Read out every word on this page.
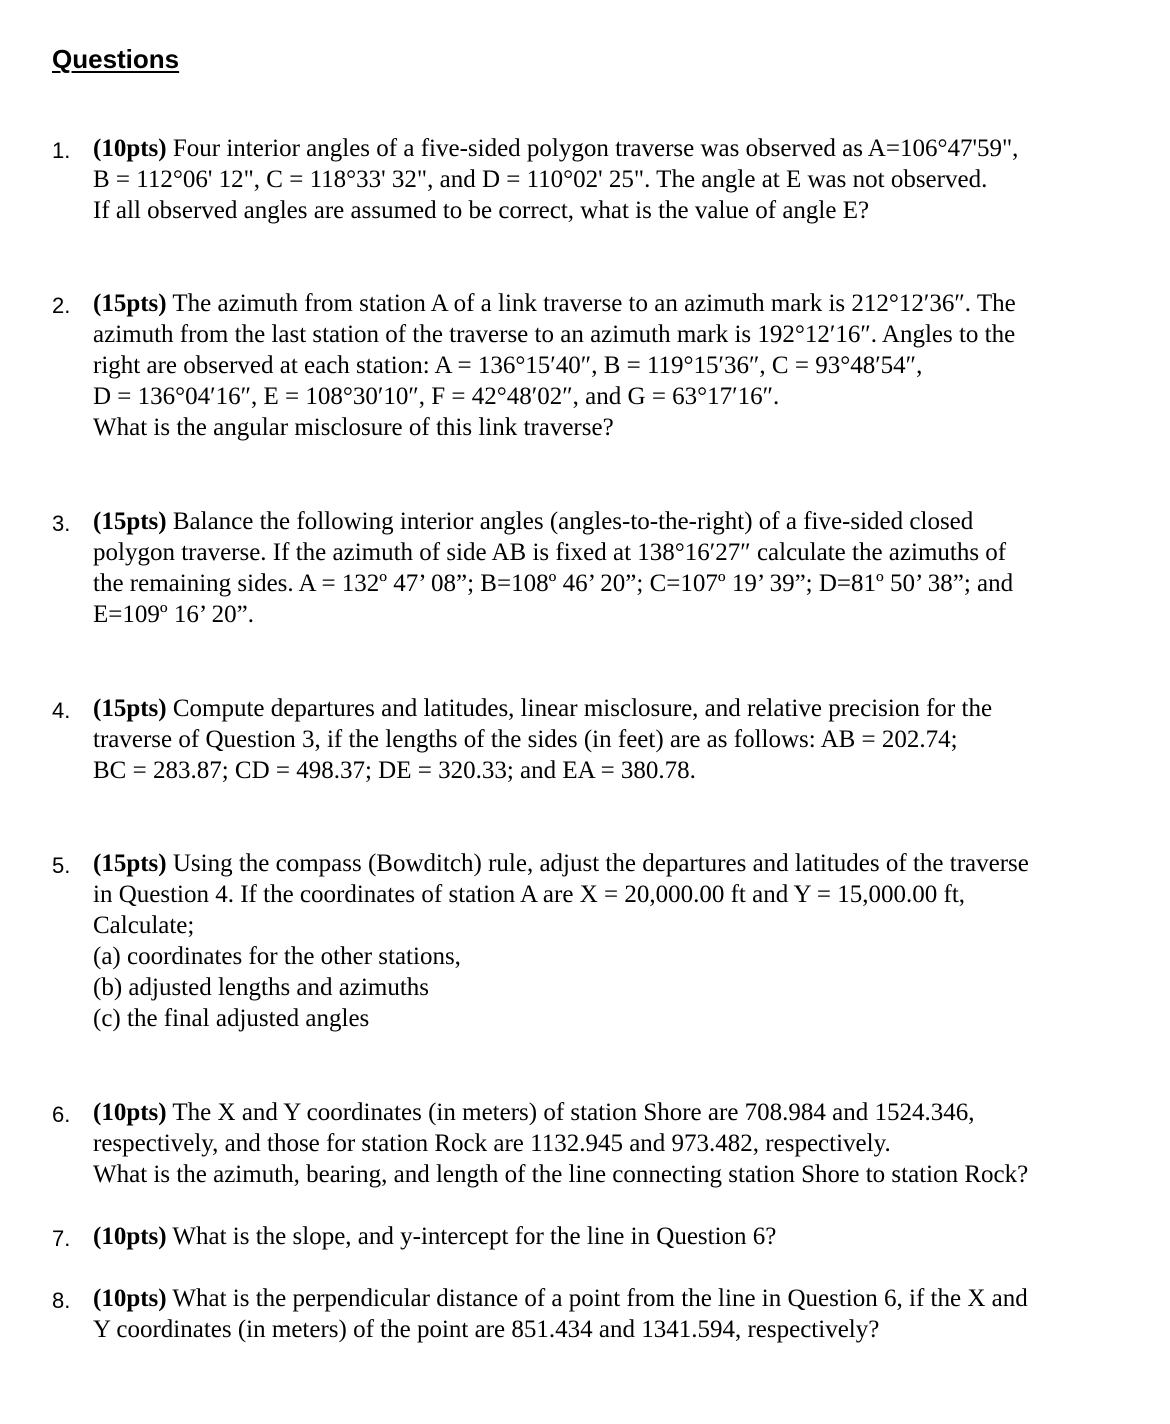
Questions
1. (10pts) Four interior angles of a five-sided polygon traverse was observed as A=106°47'59",
B = 112°06' 12", C = 118°33' 32", and D = 110°02' 25". The angle at E was not observed.
If all observed angles are assumed to be correct, what is the value of angle E?
2. (15pts) The azimuth from station A of a link traverse to an azimuth mark is 212°12′36″. The
azimuth from the last station of the traverse to an azimuth mark is 192°12′16″. Angles to the
right are observed at each station: A = 136°15′40″, B = 119°15′36″, C = 93°48′54″,
D = 136°04′16″, E = 108°30′10″, F = 42°48′02″, and G = 63°17′16″.
What is the angular misclosure of this link traverse?
3. (15pts) Balance the following interior angles (angles-to-the-right) of a five-sided closed
polygon traverse. If the azimuth of side AB is fixed at 138°16′27″ calculate the azimuths of
the remaining sides. A = 132º 47’ 08”; B=108º 46’ 20”; C=107º 19’ 39”; D=81º 50’ 38”; and
E=109º 16’ 20”.
4. (15pts) Compute departures and latitudes, linear misclosure, and relative precision for the
traverse of Question 3, if the lengths of the sides (in feet) are as follows: AB = 202.74;
BC = 283.87; CD = 498.37; DE = 320.33; and EA = 380.78.
5. (15pts) Using the compass (Bowditch) rule, adjust the departures and latitudes of the traverse
in Question 4. If the coordinates of station A are X = 20,000.00 ft and Y = 15,000.00 ft,
Calculate;
(a) coordinates for the other stations,
(b) adjusted lengths and azimuths
(c) the final adjusted angles
6. (10pts) The X and Y coordinates (in meters) of station Shore are 708.984 and 1524.346,
respectively, and those for station Rock are 1132.945 and 973.482, respectively.
What is the azimuth, bearing, and length of the line connecting station Shore to station Rock?
7. (10pts) What is the slope, and y-intercept for the line in Question 6?
8. (10pts) What is the perpendicular distance of a point from the line in Question 6, if the X and
Y coordinates (in meters) of the point are 851.434 and 1341.594, respectively?
